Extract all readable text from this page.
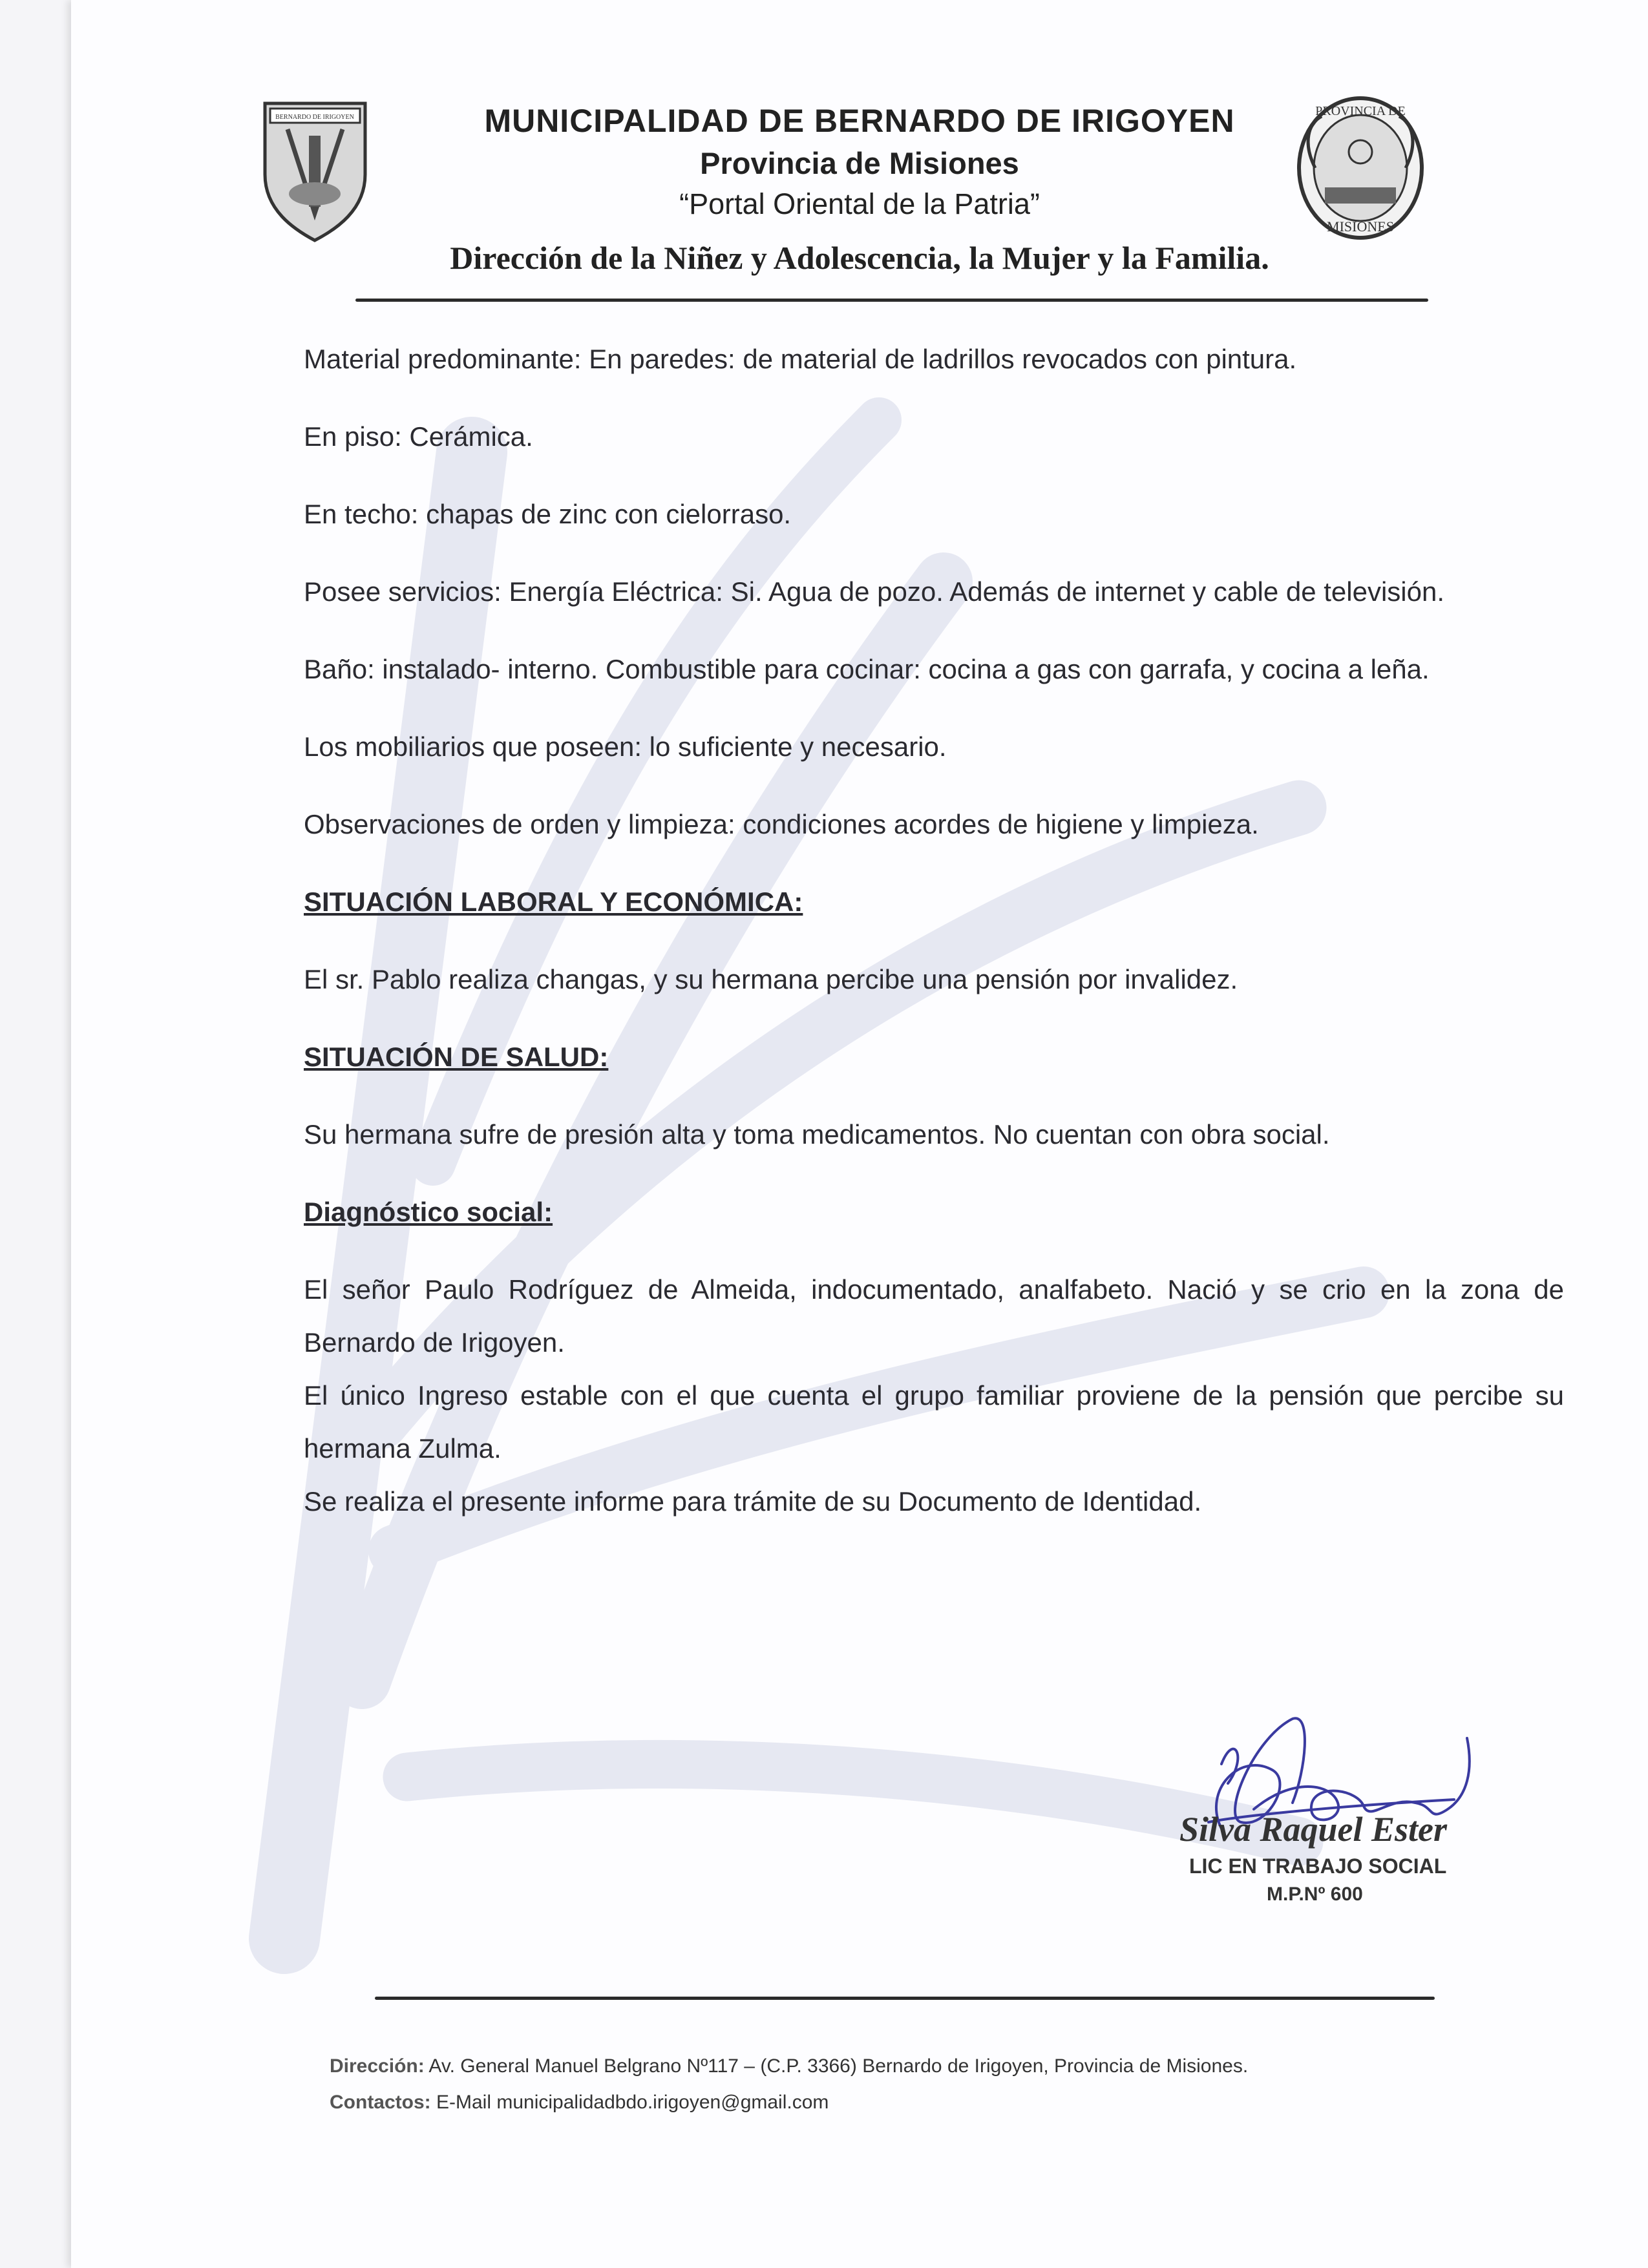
BERNARDO DE IRIGOYEN	MUNICIPALIDAD DE BERNARDO DE IRIGOYEN
Provincia de Misiones
“Portal Oriental de la Patria”
Dirección de la Niñez y Adolescencia, la Mujer y la Familia.
PROVINCIA DE
MISIONES

Material predominante: En paredes: de material de ladrillos revocados con pintura.

En piso: Cerámica.

En techo: chapas de zinc con cielorraso.

Posee servicios: Energía Eléctrica: Si. Agua de pozo. Además de internet y cable de televisión.

Baño: instalado- interno. Combustible para cocinar: cocina a gas con garrafa, y cocina a leña.

Los mobiliarios que poseen: lo suficiente y necesario.

Observaciones de orden y limpieza: condiciones acordes de higiene y limpieza.

SITUACIÓN LABORAL Y ECONÓMICA:

El sr. Pablo realiza changas, y su hermana percibe una pensión por invalidez.

SITUACIÓN DE SALUD:

Su hermana sufre de presión alta y toma medicamentos. No cuentan con obra social.

Diagnóstico social:

El señor Paulo Rodríguez de Almeida, indocumentado, analfabeto. Nació y se crio en la zona de Bernardo de Irigoyen.

El único Ingreso estable con el que cuenta el grupo familiar proviene de la pensión que percibe su hermana Zulma.

Se realiza el presente informe para trámite de su Documento de Identidad.

Silva Raquel Ester
LIC EN TRABAJO SOCIAL
M.P.Nº 600
Dirección: Av. General Manuel Belgrano Nº117 – (C.P. 3366) Bernardo de Irigoyen, Provincia de Misiones.
Contactos: E-Mail municipalidadbdo.irigoyen@gmail.com
